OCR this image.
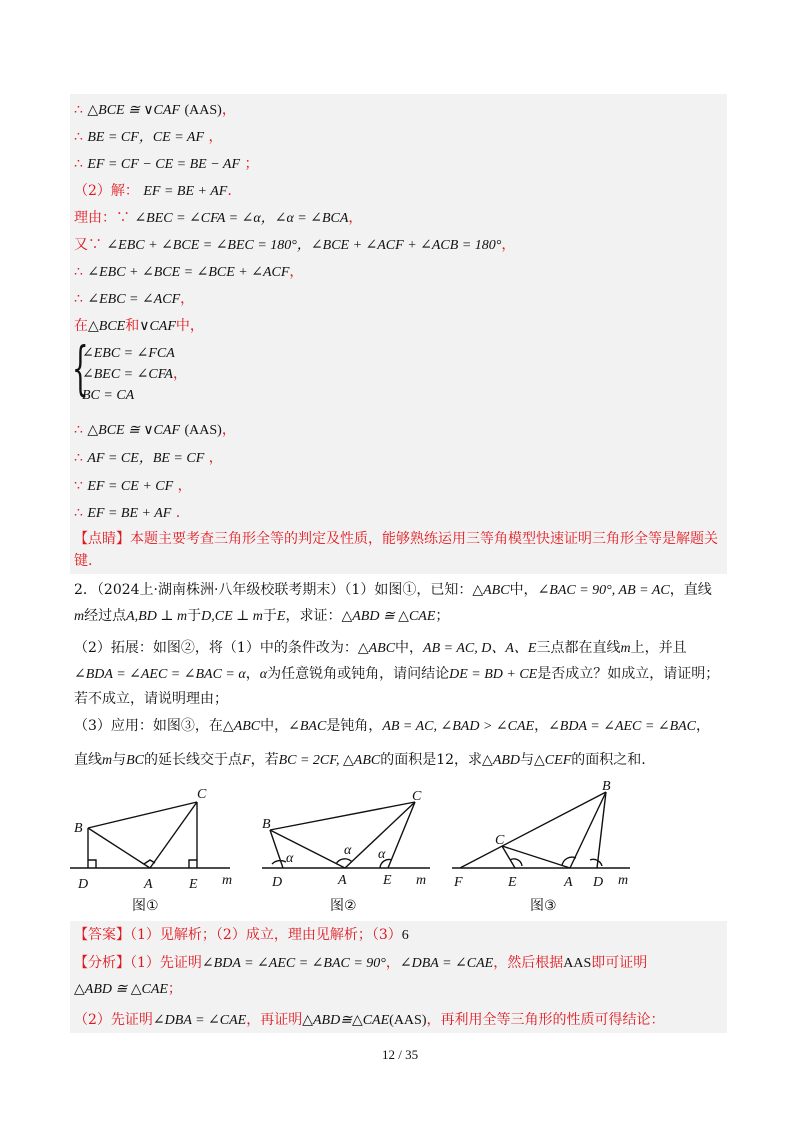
∴ △BCE ≅ ∨CAF (AAS)，
∴ BE = CF，CE = AF ，
∴ EF = CF − CE = BE − AF ；
（2）解： EF = BE + AF.
理由：∵ ∠BEC = ∠CFA = ∠α，∠α = ∠BCA，
又∵ ∠EBC + ∠BCE = ∠BEC = 180°，∠BCE + ∠ACF + ∠ACB = 180°，
∴ ∠EBC + ∠BCE = ∠BCE + ∠ACF，
∴ ∠EBC = ∠ACF，
在△BCE和∨CAF中，
{
∠EBC = ∠FCA
∠BEC = ∠CFA，
BC = CA
∴ △BCE ≅ ∨CAF (AAS)，
∴ AF = CE，BE = CF ，
∵ EF = CE + CF ，
∴ EF = BE + AF .
【点睛】本题主要考查三角形全等的判定及性质，能够熟练运用三等角模型快速证明三角形全等是解题关
键.
2．（2024上·湖南株洲·八年级校联考期末）（1）如图①，已知：△ABC中，∠BAC = 90°, AB = AC，直线
m经过点A,BD ⊥ m于D,CE ⊥ m于E，求证：△ABD ≅ △CAE；
（2）拓展：如图②，将（1）中的条件改为：△ABC中，AB = AC, D、A、E三点都在直线m上，并且
∠BDA = ∠AEC = ∠BAC = α，α为任意锐角或钝角，请问结论DE = BD + CE是否成立？如成立，请证明；
若不成立，请说明理由；
（3）应用：如图③，在△ABC中，∠BAC是钝角，AB = AC, ∠BAD > ∠CAE，∠BDA = ∠AEC = ∠BAC，
直线m与BC的延长线交于点F，若BC = 2CF, △ABC的面积是12，求△ABD与△CEF的面积之和.
B
C
D	A	E m
B
C
D	A	E m
α
α α
B
C
F	E	A D m
图①	图②	图③
【答案】（1）见解析；（2）成立，理由见解析；（3）6
【分析】（1）先证明∠BDA = ∠AEC = ∠BAC = 90°，∠DBA = ∠CAE，然后根据AAS即可证明
△ABD ≅ △CAE；
（2）先证明∠DBA = ∠CAE，再证明△ABD≅△CAE(AAS)，再利用全等三角形的性质可得结论：
12 / 35
